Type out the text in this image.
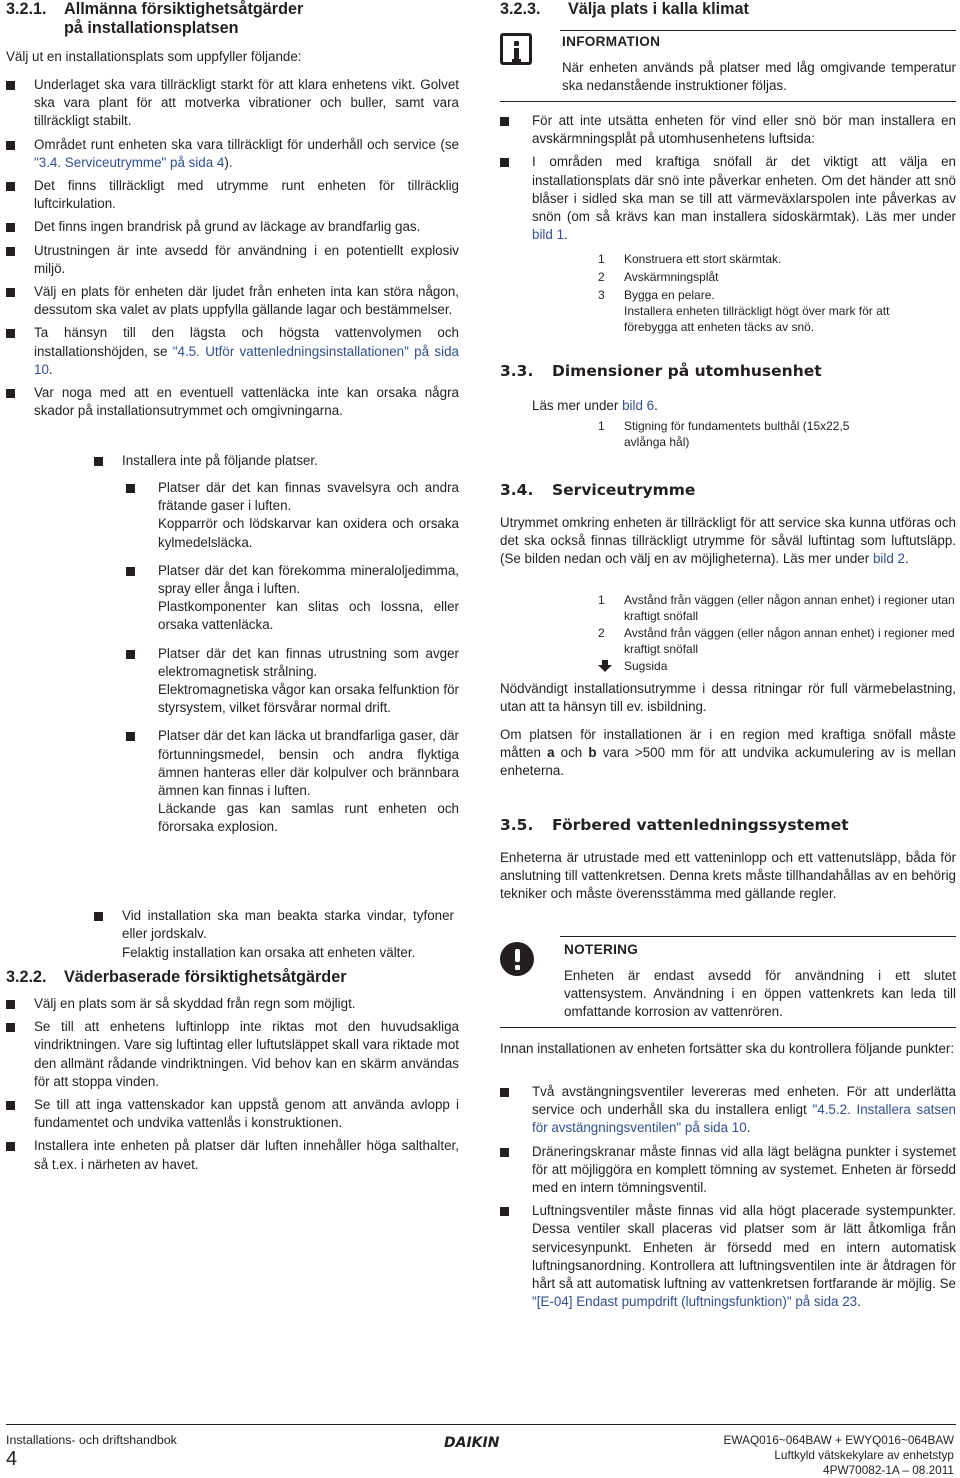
3.2.1. Allmänna försiktighetsåtgärder
på installationsplatsen

Välj ut en installationsplats som uppfyller följande:

Underlaget ska vara tillräckligt starkt för att klara enhetens vikt. Golvet ska vara plant för att motverka vibrationer och buller, samt vara tillräckligt stabilt.

Området runt enheten ska vara tillräckligt för underhåll och service (se "3.4. Serviceutrymme" på sida 4).

Det finns tillräckligt med utrymme runt enheten för tillräcklig luftcirkulation.

Det finns ingen brandrisk på grund av läckage av brandfarlig gas.

Utrustningen är inte avsedd för användning i en potentiellt explosiv miljö.

Välj en plats för enheten där ljudet från enheten inta kan störa någon, dessutom ska valet av plats uppfylla gällande lagar och bestämmelser.

Ta hänsyn till den lägsta och högsta vattenvolymen och installationshöjden, se "4.5. Utför vattenledningsinstallationen" på sida 10.

Var noga med att en eventuell vattenläcka inte kan orsaka några skador på installationsutrymmet och omgivningarna.

Installera inte på följande platser.

Platser där det kan finnas svavelsyra och andra frätande gaser i luften.

Kopparrör och lödskarvar kan oxidera och orsaka kylmedelsläcka.

Platser där det kan förekomma mineraloljedimma, spray eller ånga i luften.

Plastkomponenter kan slitas och lossna, eller orsaka vattenläcka.

Platser där det kan finnas utrustning som avger elektromagnetisk strålning.

Elektromagnetiska vågor kan orsaka felfunktion för styrsystem, vilket försvårar normal drift.

Platser där det kan läcka ut brandfarliga gaser, där förtunningsmedel, bensin och andra flyktiga ämnen hanteras eller där kolpulver och brännbara ämnen kan finnas i luften.

Läckande gas kan samlas runt enheten och förorsaka explosion.

Vid installation ska man beakta starka vindar, tyfoner eller jordskalv.

Felaktig installation kan orsaka att enheten välter.

3.2.2. Väderbaserade försiktighetsåtgärder

Välj en plats som är så skyddad från regn som möjligt.

Se till att enhetens luftinlopp inte riktas mot den huvudsakliga vindriktningen. Vare sig luftintag eller luftutsläppet skall vara riktade mot den allmänt rådande vindriktningen. Vid behov kan en skärm användas för att stoppa vinden.

Se till att inga vattenskador kan uppstå genom att använda avlopp i fundamentet och undvika vattenlås i konstruktionen.

Installera inte enheten på platser där luften innehåller höga salthalter, så t.ex. i närheten av havet.

3.2.3. Välja plats i kalla klimat
INFORMATION

När enheten används på platser med låg omgivande temperatur ska nedanstående instruktioner följas.

För att inte utsätta enheten för vind eller snö bör man installera en avskärmningsplåt på utomhusenhetens luftsida:

I områden med kraftiga snöfall är det viktigt att välja en installationsplats där snö inte påverkar enheten. Om det händer att snö blåser i sidled ska man se till att värmeväxlarspolen inte påverkas av snön (om så krävs kan man installera sidoskärmtak). Läs mer under bild 1.

1 Konstruera ett stort skärmtak.
2 Avskärmningsplåt
3 Bygga en pelare.
Installera enheten tillräckligt högt över mark för att förebygga att enheten täcks av snö.
3.3. Dimensioner på utomhusenhet

Läs mer under bild 6.

1 Stigning för fundamentets bulthål (15x22,5 avlånga hål)
3.4. Serviceutrymme

Utrymmet omkring enheten är tillräckligt för att service ska kunna utföras och det ska också finnas tillräckligt utrymme för såväl luftintag som luftutsläpp. (Se bilden nedan och välj en av möjligheterna). Läs mer under bild 2.

1 Avstånd från väggen (eller någon annan enhet) i regioner utan kraftigt snöfall
2 Avstånd från väggen (eller någon annan enhet) i regioner med kraftigt snöfall
Sugsida

Nödvändigt installationsutrymme i dessa ritningar rör full värmebelastning, utan att ta hänsyn till ev. isbildning.

Om platsen för installationen är i en region med kraftiga snöfall måste måtten a och b vara >500 mm för att undvika ackumulering av is mellan enheterna.

3.5. Förbered vattenledningssystemet

Enheterna är utrustade med ett vatteninlopp och ett vattenutsläpp, båda för anslutning till vattenkretsen. Denna krets måste tillhandahållas av en behörig tekniker och måste överensstämma med gällande regler.

NOTERING

Enheten är endast avsedd för användning i ett slutet vattensystem. Användning i en öppen vattenkrets kan leda till omfattande korrosion av vattenrören.

Innan installationen av enheten fortsätter ska du kontrollera följande punkter:

Två avstängningsventiler levereras med enheten. För att underlätta service och underhåll ska du installera enligt "4.5.2. Installera satsen för avstängningsventilen" på sida 10.

Dräneringskranar måste finnas vid alla lägt belägna punkter i systemet för att möjliggöra en komplett tömning av systemet. Enheten är försedd med en intern tömningsventil.

Luftningsventiler måste finnas vid alla högt placerade systempunkter. Dessa ventiler skall placeras vid platser som är lätt åtkomliga från servicesynpunkt. Enheten är försedd med en intern automatisk luftningsanordning. Kontrollera att luftningsventilen inte är åtdragen för hårt så att automatisk luftning av vattenkretsen fortfarande är möjlig. Se "[E-04] Endast pumpdrift (luftningsfunktion)" på sida 23.

Installations- och driftshandbok
4
DAIKIN	EWAQ016~064BAW + EWYQ016~064BAW
Luftkyld vätskekylare av enhetstyp
4PW70082-1A – 08.2011
